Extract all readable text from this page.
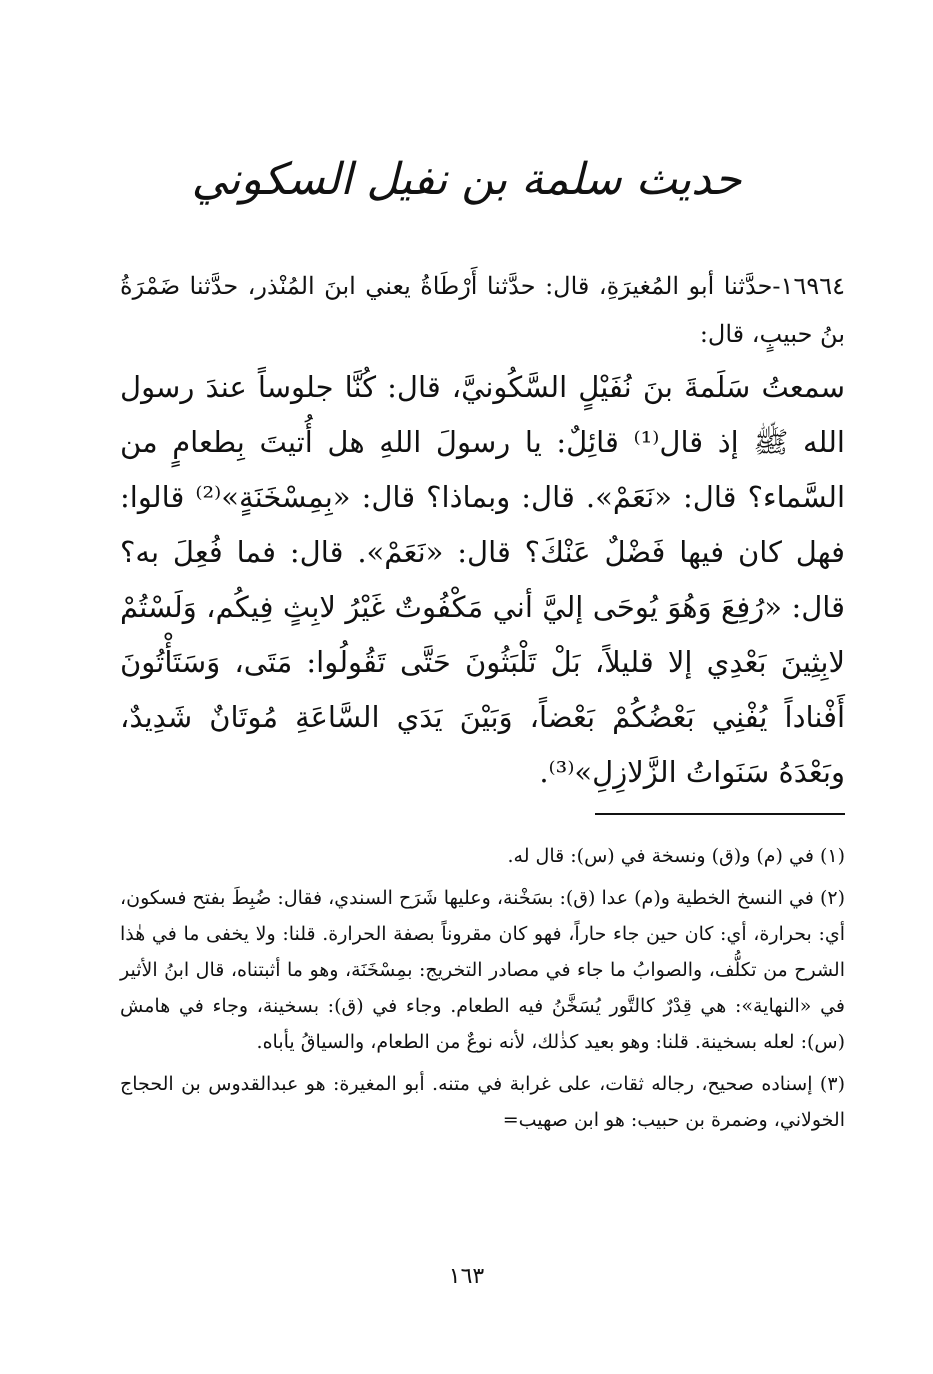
حديث سلمة بن نفيل السكوني

١٦٩٦٤-حدَّثنا أبو المُغيرَةِ، قال: حدَّثنا أَرْطَاةُ يعني ابنَ المُنْذر، حدَّثنا ضَمْرَةُ بنُ حبيبٍ، قال:

سمعتُ سَلَمةَ بنَ نُفَيْلٍ السَّكُونيَّ، قال: كُنَّا جلوساً عندَ رسول الله ﷺ إذ قال⁽¹⁾ قائِلٌ: يا رسولَ اللهِ هل أُتيتَ بِطعامٍ من السَّماء؟ قال: «نَعَمْ». قال: وبماذا؟ قال: «بِمِسْخَنَةٍ»⁽²⁾ قالوا: فهل كان فيها فَضْلٌ عَنْكَ؟ قال: «نَعَمْ». قال: فما فُعِلَ به؟ قال: «رُفِعَ وَهُوَ يُوحَى إليَّ أني مَكْفُوتٌ غَيْرُ لابِثٍ فِيكُم، وَلَسْتُمْ لابِثِينَ بَعْدِي إلا قليلاً، بَلْ تَلْبَثُونَ حَتَّى تَقُولُوا: مَتَى، وَسَتَأْتُونَ أَفْناداً يُفْنِي بَعْضُكُمْ بَعْضاً، وَبَيْنَ يَدَي السَّاعَةِ مُوتَانٌ شَدِيدٌ، وبَعْدَهُ سَنَواتُ الزَّلازِلِ»⁽³⁾.

(١) في (م) و(ق) ونسخة في (س): قال له.

(٢) في النسخ الخطية و(م) عدا (ق): بسَخْنة، وعليها شَرَح السندي، فقال: ضُبِطَ بفتح فسكون، أي: بحرارة، أي: كان حين جاء حاراً، فهو كان مقروناً بصفة الحرارة. قلنا: ولا يخفى ما في هٰذا الشرح من تكلُّف، والصوابُ ما جاء في مصادر التخريج: بمِسْخَنَة، وهو ما أثبتناه، قال ابنُ الأثير في «النهاية»: هي قِدْرٌ كالتَّور يُسَخَّنُ فيه الطعام. وجاء في (ق): بسخينة، وجاء في هامش (س): لعله بسخينة. قلنا: وهو بعيد كذٰلك، لأنه نوعٌ من الطعام، والسياقُ يأباه.

(٣) إسناده صحيح، رجاله ثقات، على غرابة في متنه. أبو المغيرة: هو عبدالقدوس بن الحجاج الخولاني، وضمرة بن حبيب: هو ابن صهيب=

١٦٣
